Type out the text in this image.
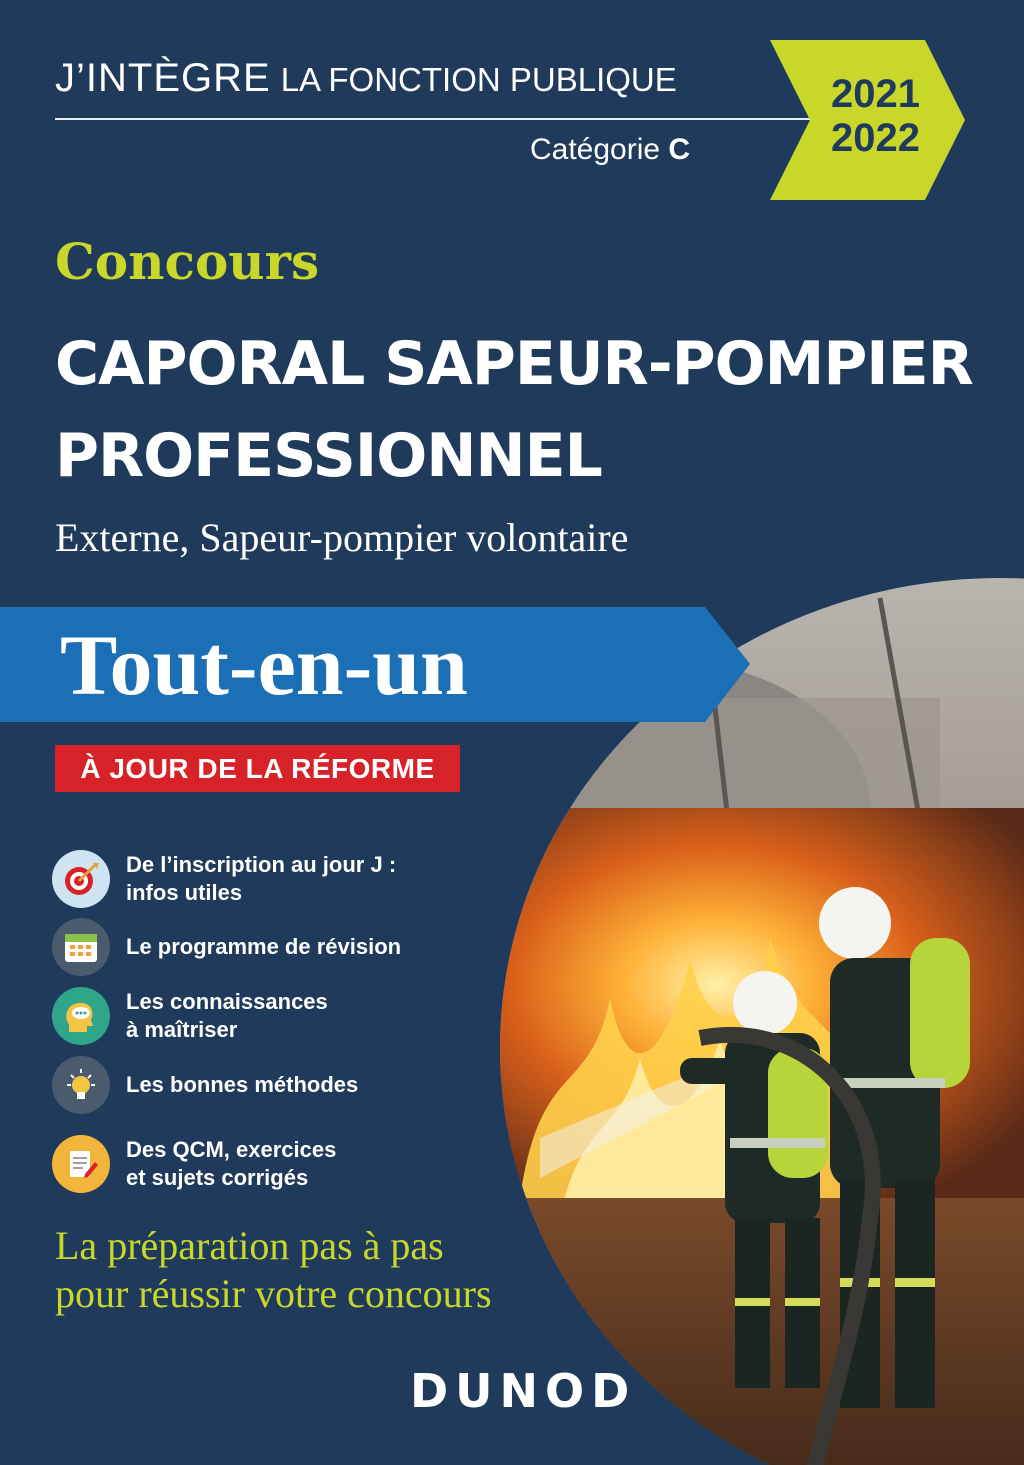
J’INTÈGRE LA FONCTION PUBLIQUE
Catégorie C
2021
2022
Concours
CAPORAL SAPEUR-POMPIER
PROFESSIONNEL
Externe, Sapeur-pompier volontaire
Tout-en-un
À JOUR DE LA RÉFORME
De l’inscription au jour J :
infos utiles
Le programme de révision
Les connaissances
à maîtriser
Les bonnes méthodes
Des QCM, exercices
et sujets corrigés
La préparation pas à pas
pour réussir votre concours
DUNOD
